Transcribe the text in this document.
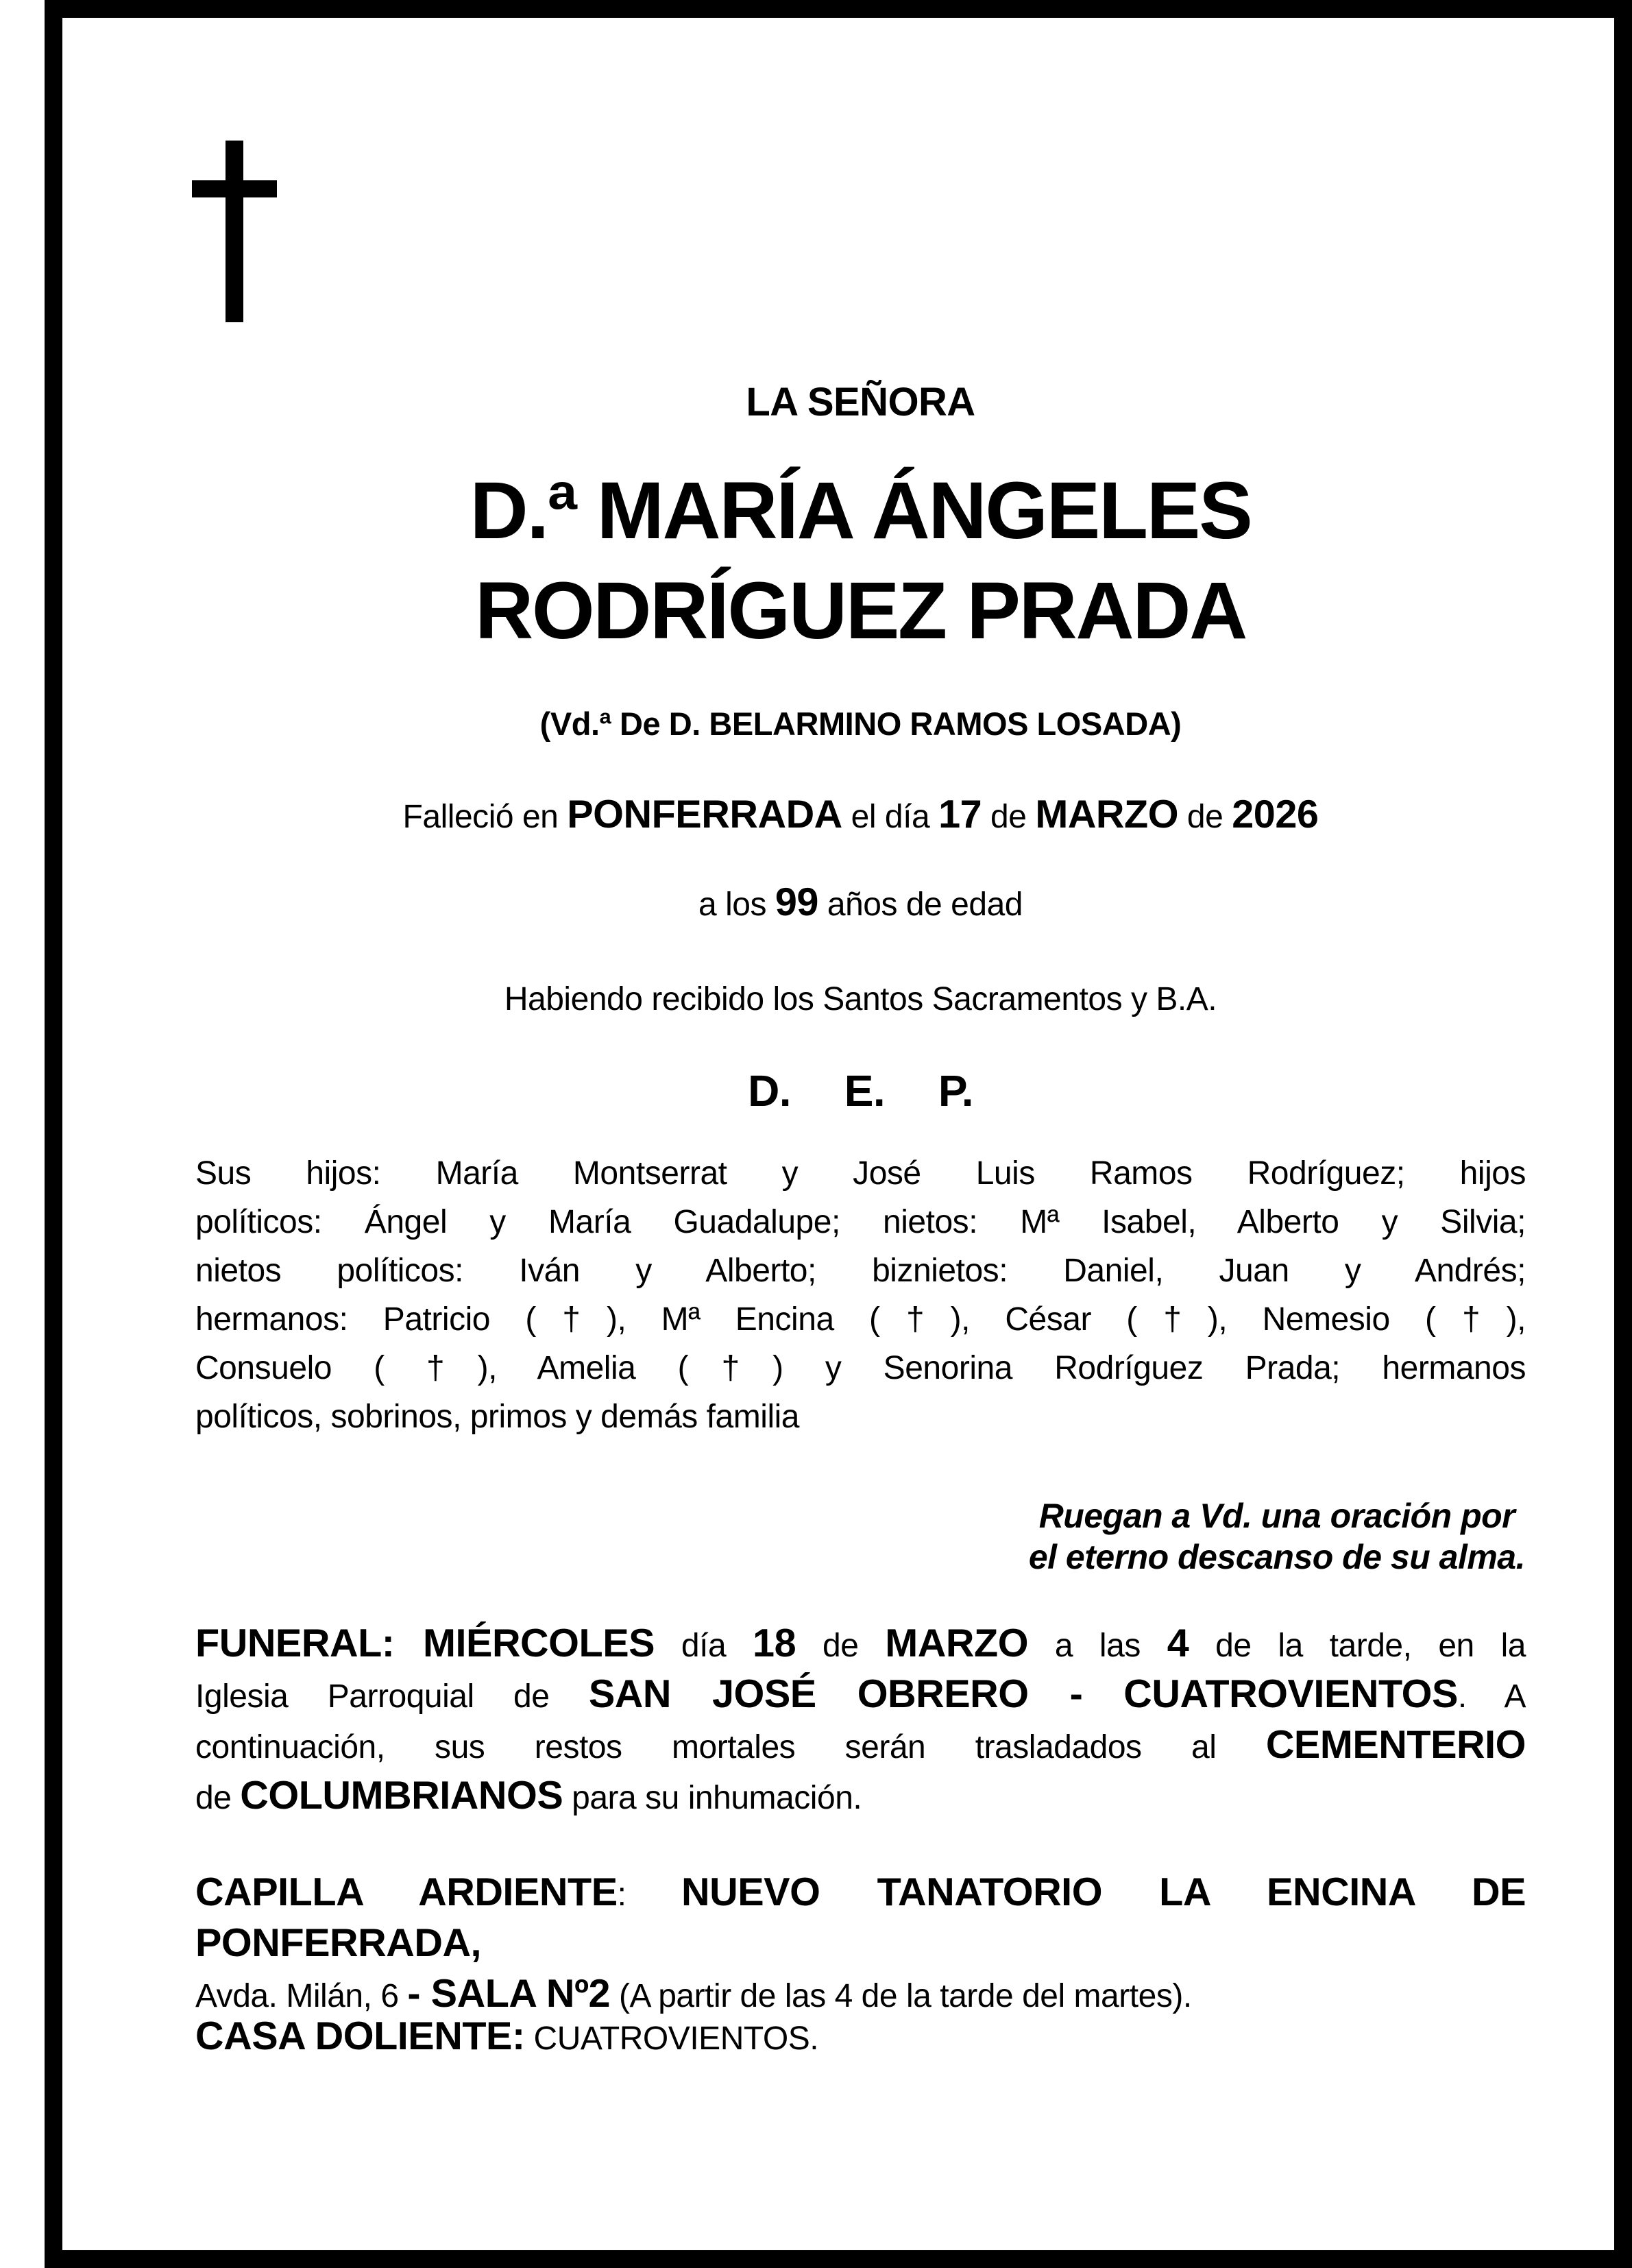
LA SEÑORA
D.ª MARÍA ÁNGELES
RODRÍGUEZ PRADA
(Vd.ª De D. BELARMINO RAMOS LOSADA)
Falleció en PONFERRADA el día 17 de MARZO de 2026
a los 99 años de edad
Habiendo recibido los Santos Sacramentos y B.A.
D. E. P.
Sus hijos: María Montserrat y José Luis Ramos Rodríguez; hijos
políticos: Ángel y María Guadalupe; nietos: Mª Isabel, Alberto y Silvia;
nietos políticos: Iván y Alberto; biznietos: Daniel, Juan y Andrés;
hermanos: Patricio (†), Mª Encina (†), César (†), Nemesio (†),
Consuelo ( †), Amelia (†) y Senorina Rodríguez Prada; hermanos
políticos, sobrinos, primos y demás familia
Ruegan a Vd. una oración por
el eterno descanso de su alma.
FUNERAL: MIÉRCOLES día 18 de MARZO a las 4 de la tarde, en la
Iglesia Parroquial de SAN JOSÉ OBRERO - CUATROVIENTOS. A
continuación, sus restos mortales serán trasladados al CEMENTERIO
de COLUMBRIANOS para su inhumación.
CAPILLA ARDIENTE: NUEVO TANATORIO LA ENCINA DE PONFERRADA,
Avda. Milán, 6 - SALA Nº2 (A partir de las 4 de la tarde del martes).
CASA DOLIENTE: CUATROVIENTOS.
